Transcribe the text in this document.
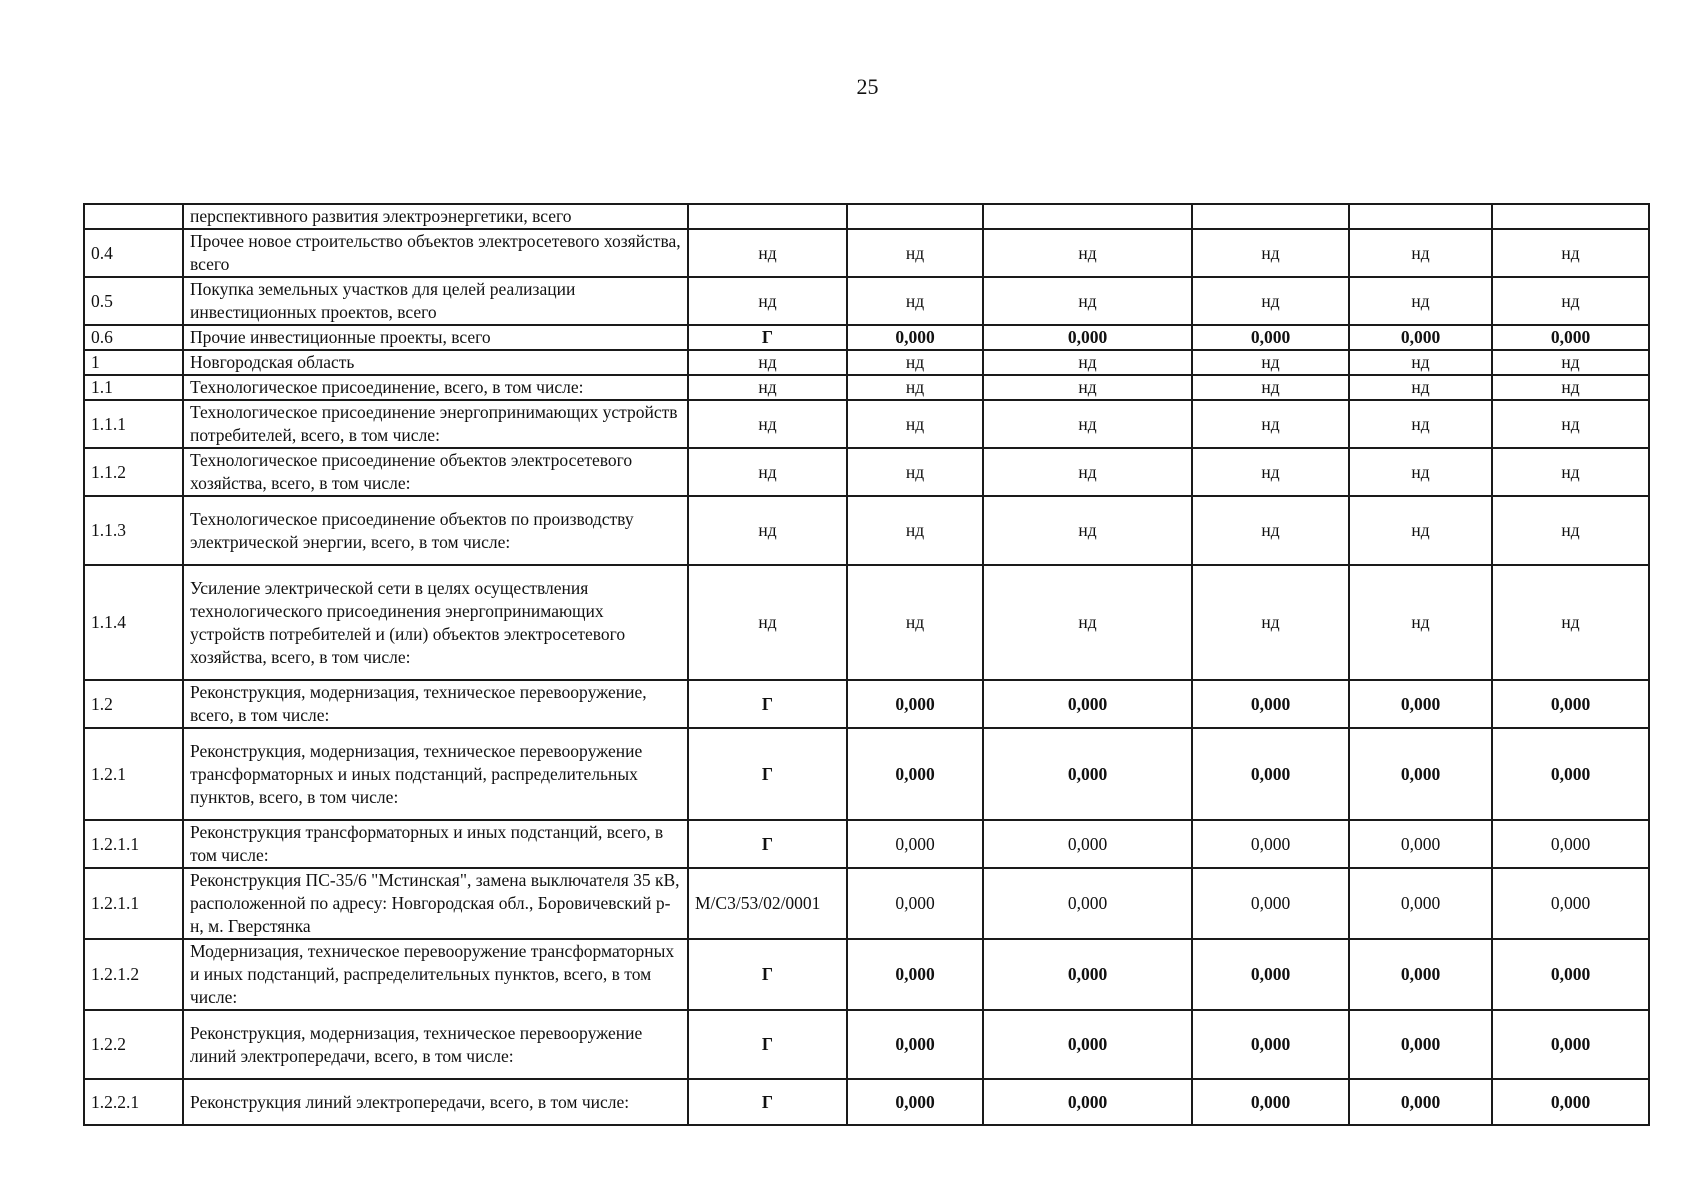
25
	перспективного развития электроэнергетики, всего						
0.4	Прочее новое строительство объектов электросетевого хозяйства, всего	нд	нд	нд	нд	нд	нд
0.5	Покупка земельных участков для целей реализации инвестиционных проектов, всего	нд	нд	нд	нд	нд	нд
0.6	Прочие инвестиционные проекты, всего	Г	0,000	0,000	0,000	0,000	0,000
1	Новгородская область	нд	нд	нд	нд	нд	нд
1.1	Технологическое присоединение, всего, в том числе:	нд	нд	нд	нд	нд	нд
1.1.1	Технологическое присоединение энергопринимающих устройств потребителей, всего, в том числе:	нд	нд	нд	нд	нд	нд
1.1.2	Технологическое присоединение объектов электросетевого хозяйства, всего, в том числе:	нд	нд	нд	нд	нд	нд
1.1.3	Технологическое присоединение объектов по производству электрической энергии, всего, в том числе:	нд	нд	нд	нд	нд	нд
1.1.4	Усиление электрической сети в целях осуществления технологического присоединения энергопринимающих устройств потребителей и (или) объектов электросетевого хозяйства, всего, в том числе:	нд	нд	нд	нд	нд	нд
1.2	Реконструкция, модернизация, техническое перевооружение, всего, в том числе:	Г	0,000	0,000	0,000	0,000	0,000
1.2.1	Реконструкция, модернизация, техническое перевооружение трансформаторных и иных подстанций, распределительных пунктов, всего, в том числе:	Г	0,000	0,000	0,000	0,000	0,000
1.2.1.1	Реконструкция трансформаторных и иных подстанций, всего, в том числе:	Г	0,000	0,000	0,000	0,000	0,000
1.2.1.1	Реконструкция ПС-35/6 "Мстинская", замена выключателя 35 кВ, расположенной по адресу: Новгородская обл., Боровичевский р-н, м. Гверстянка	M/C3/53/02/0001	0,000	0,000	0,000	0,000	0,000
1.2.1.2	Модернизация, техническое перевооружение трансформаторных и иных подстанций, распределительных пунктов, всего, в том числе:	Г	0,000	0,000	0,000	0,000	0,000
1.2.2	Реконструкция, модернизация, техническое перевооружение линий электропередачи, всего, в том числе:	Г	0,000	0,000	0,000	0,000	0,000
1.2.2.1	Реконструкция линий электропередачи, всего, в том числе:	Г	0,000	0,000	0,000	0,000	0,000
